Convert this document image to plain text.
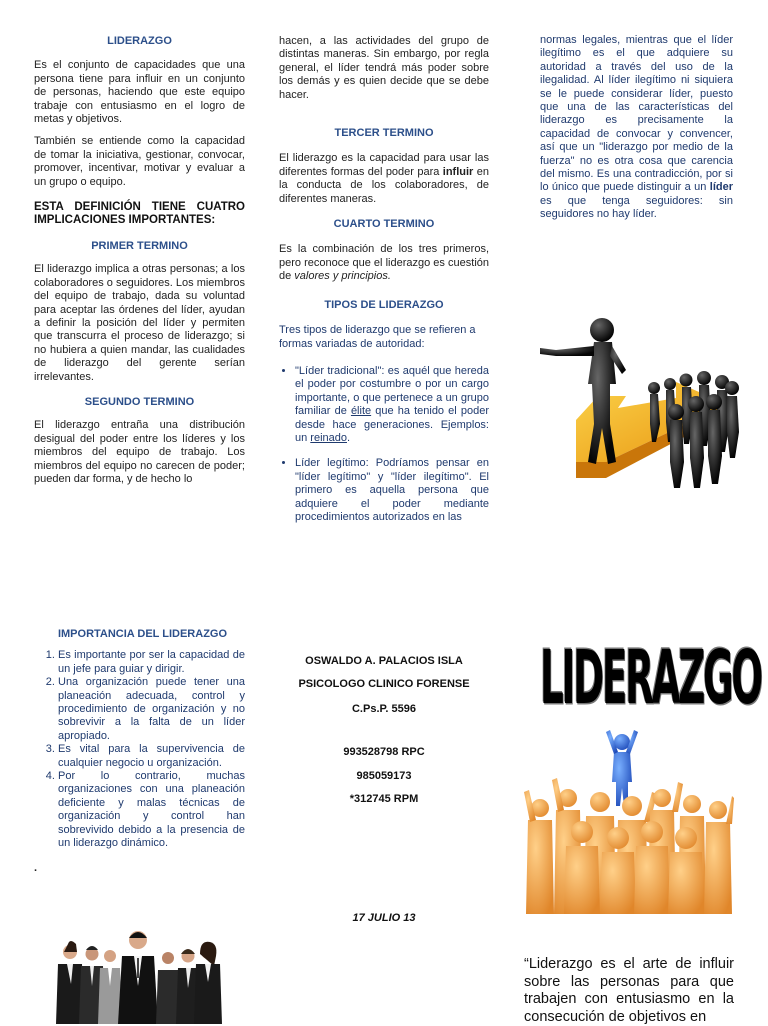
LIDERAZGO

Es el conjunto de capacidades que una persona tiene para influir en un conjunto de personas, haciendo que este equipo trabaje con entusiasmo en el logro de metas y objetivos.

También se entiende como la capacidad de tomar la iniciativa, gestionar, convocar, promover, incentivar, motivar y evaluar a un grupo o equipo.

ESTA DEFINICIÓN TIENE CUATRO IMPLICACIONES IMPORTANTES:

PRIMER TERMINO

El liderazgo implica a otras personas; a los colaboradores o seguidores. Los miembros del equipo de trabajo, dada su voluntad para aceptar las órdenes del líder, ayudan a definir la posición del líder y permiten que transcurra el proceso de liderazgo; si no hubiera a quien mandar, las cualidades de liderazgo del gerente serían irrelevantes.

SEGUNDO TERMINO

El liderazgo entraña una distribución desigual del poder entre los líderes y los miembros del equipo de trabajo. Los miembros del equipo no carecen de poder; pueden dar forma, y de hecho lo

hacen, a las actividades del grupo de distintas maneras. Sin embargo, por regla general, el líder tendrá más poder sobre los demás y es quien decide que se debe hacer.

TERCER TERMINO

El liderazgo es la capacidad para usar las diferentes formas del poder para influir en la conducta de los colaboradores, de diferentes maneras.

CUARTO TERMINO

Es la combinación de los tres primeros, pero reconoce que el liderazgo es cuestión de valores y principios.

TIPOS DE LIDERAZGO

Tres tipos de liderazgo que se refieren a formas variadas de autoridad:

• "Líder tradicional": es aquél que hereda el poder por costumbre o por un cargo importante, o que pertenece a un grupo familiar de élite que ha tenido el poder desde hace generaciones. Ejemplos: un reinado.
• Líder legítimo: Podríamos pensar en "líder legítimo" y "líder ilegítimo". El primero es aquella persona que adquiere el poder mediante procedimientos autorizados en las

normas legales, mientras que el líder ilegítimo es el que adquiere su autoridad a través del uso de la ilegalidad. Al líder ilegítimo ni siquiera se le puede considerar líder, puesto que una de las características del liderazgo es precisamente la capacidad de convocar y convencer, así que un "liderazgo por medio de la fuerza" no es otra cosa que carencia del mismo. Es una contradicción, por si lo único que puede distinguir a un líder es que tenga seguidores: sin seguidores no hay líder.

IMPORTANCIA DEL LIDERAZGO
1. Es importante por ser la capacidad de un jefe para guiar y dirigir.
2. Una organización puede tener una planeación adecuada, control y procedimiento de organización y no sobrevivir a la falta de un líder apropiado.
3. Es vital para la supervivencia de cualquier negocio u organización.
4. Por lo contrario, muchas organizaciones con una planeación deficiente y malas técnicas de organización y control han sobrevivido debido a la presencia de un liderazgo dinámico.
.

OSWALDO A. PALACIOS ISLA

PSICOLOGO CLINICO FORENSE

C.Ps.P. 5596

993528798 RPC

985059173

*312745 RPM

17 JULIO 13

LIDERAZGO
“Liderazgo es el arte de influir sobre las personas para que trabajen con entusiasmo en la consecución de objetivos en
